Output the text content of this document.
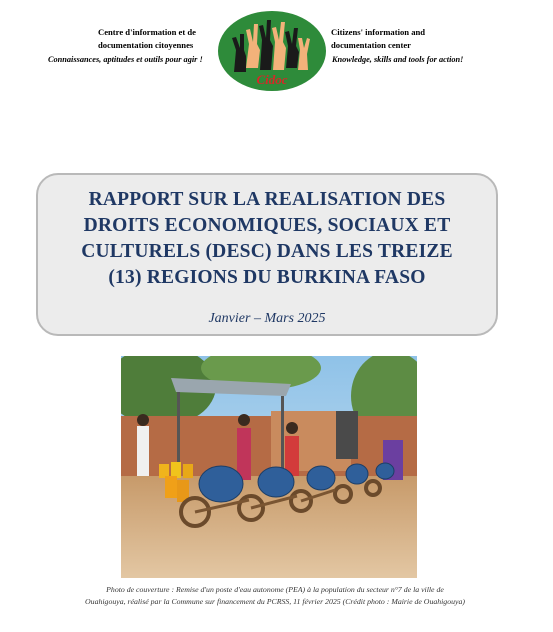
Centre d'information et de
documentation citoyennes
Connaissances, aptitudes et outils pour agir !
Citizens' information and
documentation center
Knowledge, skills and tools for action!
Cidoc
RAPPORT SUR LA REALISATION DES
DROITS ECONOMIQUES, SOCIAUX ET
CULTURELS (DESC) DANS LES TREIZE
(13) REGIONS DU BURKINA FASO
Janvier – Mars 2025
Photo de couverture : Remise d'un poste d'eau autonome (PEA) à la population du secteur n°7 de la ville de
Ouahigouya, réalisé par la Commune sur financement du PCRSS, 11 février 2025 (Crédit photo : Mairie de Ouahigouya)
